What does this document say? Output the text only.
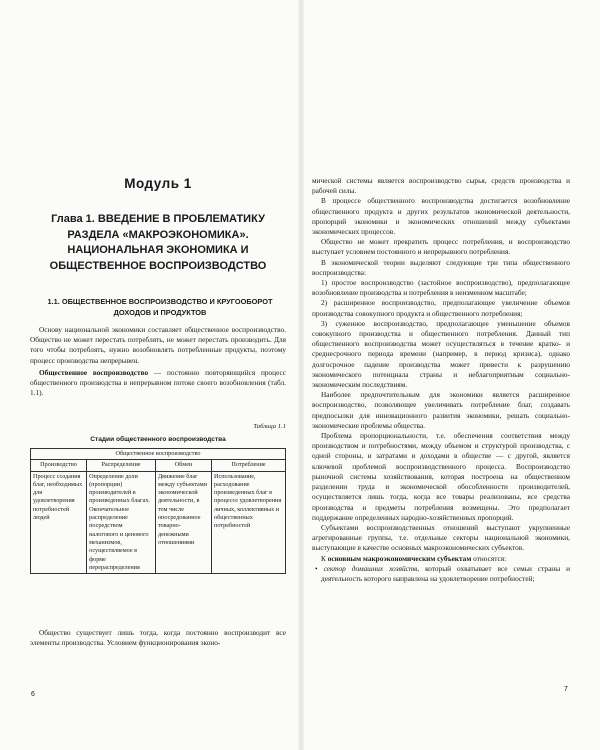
Модуль 1
Глава 1. ВВЕДЕНИЕ В ПРОБЛЕМАТИКУ РАЗДЕЛА «МАКРОЭКОНОМИКА». НАЦИОНАЛЬНАЯ ЭКОНОМИКА И ОБЩЕСТВЕННОЕ ВОСПРОИЗВОДСТВО
1.1. ОБЩЕСТВЕННОЕ ВОСПРОИЗВОДСТВО И КРУГООБОРОТ ДОХОДОВ И ПРОДУКТОВ

Основу национальной экономики составляет общественное воспроизводство. Общество не может перестать потреблять, не может перестать производить. Для того чтобы потреблять, нужно возобновлять потребленные продукты, поэтому процесс производства непрерывен.

Общественное воспроизводство — постоянно повторяющийся процесс общественного производства в непрерывном потоке своего возобновления (табл. 1.1).

Таблица 1.1
Стадии общественного воспроизводства
Общественное воспроизводство			
Производство	Распределение	Обмен	Потребление
Процесс создания благ, необходимых для удовлетворения потребностей людей	Определение доли (пропорции) производителей в произведенных благах. Окончательное распределение посредством налогового и ценового механизмов, осуществляемое в форме перераспределения	Движение благ между субъектами экономической деятельности, в том числе опосредованное товарно-денежными отношениями	Использование, расходование произведенных благ в процессе удовлетворения личных, коллективных и общественных потребностей

Общество существует лишь тогда, когда постоянно воспроизводит все элементы производства. Условием функционирования эконо-

6

мической системы является воспроизводство сырья, средств производства и рабочей силы.

В процессе общественного воспроизводства достигается возобновление общественного продукта и других результатов экономической деятельности, пропорций экономики и экономических отношений между субъектами экономических процессов.

Общество не может прекратить процесс потребления, и воспроизводство выступает условием постоянного и непрерывного потребления.

В экономической теории выделяют следующие три типа общественного воспроизводства:

1) простое воспроизводство (застойное воспроизводство), предполагающее возобновление производства и потребления в неизменном масштабе;

2) расширенное воспроизводство, предполагающее увеличение объемов производства совокупного продукта и общественного потребления;

3) суженное воспроизводство, предполагающее уменьшение объемов совокупного производства и общественного потребления. Данный тип общественного воспроизводства может осуществляться в течение кратко- и среднесрочного периода времени (например, в период кризиса), однако долгосрочное падение производства может привести к разрушению экономического потенциала страны и неблагоприятным социально-экономическим последствиям.

Наиболее предпочтительным для экономики является расширенное воспроизводство, позволяющее увеличивать потребление благ, создавать предпосылки для инновационного развития экономики, решать социально-экономические проблемы общества.

Проблема пропорциональности, т.е. обеспечения соответствия между производством и потребностями, между объемом и структурой производства, с одной стороны, и затратами и доходами в обществе — с другой, является ключевой проблемой воспроизводственного процесса. Воспроизводство рыночной системы хозяйствования, которая построена на общественном разделении труда и экономической обособленности производителей, осуществляется лишь тогда, когда все товары реализованы, все средства производства и предметы потребления возмещены. Это предполагает поддержание определенных народно-хозяйственных пропорций.

Субъектами воспроизводственных отношений выступают укрупненные агрегированные группы, т.е. отдельные секторы национальной экономики, выступающие в качестве основных макроэкономических субъектов.

К основным макроэкономическим субъектам относятся:

• сектор домашних хозяйств, который охватывает все семьи страны и деятельность которого направлена на удовлетворение потребностей;

7
